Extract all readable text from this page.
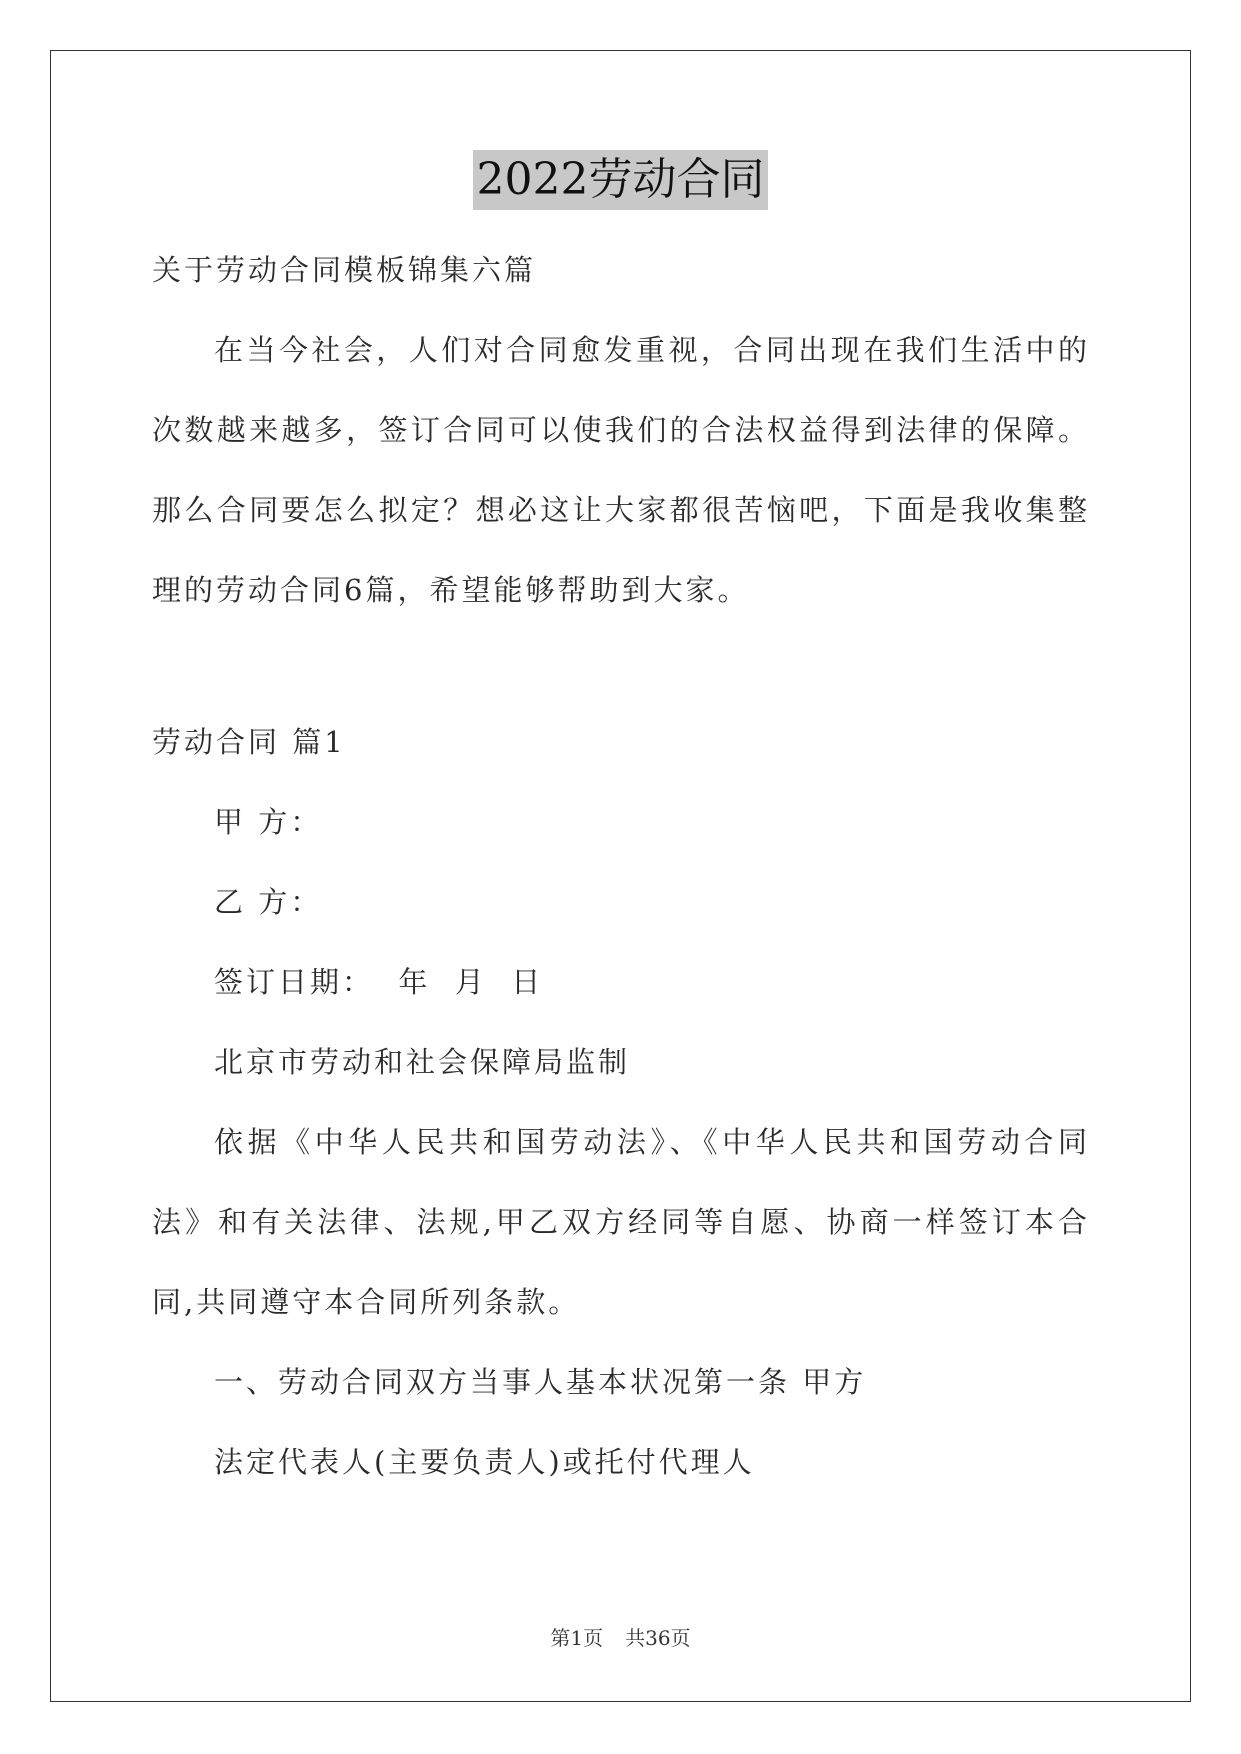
2022劳动合同

关于劳动合同模板锦集六篇

在当今社会，人们对合同愈发重视，合同出现在我们生活中的次数越来越多，签订合同可以使我们的合法权益得到法律的保障。那么合同要怎么拟定？想必这让大家都很苦恼吧，下面是我收集整理的劳动合同6篇，希望能够帮助到大家。

劳动合同 篇1

甲 方：

乙 方：

签订日期：  年  月  日

北京市劳动和社会保障局监制

依据《中华人民共和国劳动法》、《中华人民共和国劳动合同法》和有关法律、法规,甲乙双方经同等自愿、协商一样签订本合同,共同遵守本合同所列条款。

一、劳动合同双方当事人基本状况第一条 甲方

法定代表人(主要负责人)或托付代理人

第1页 共36页
